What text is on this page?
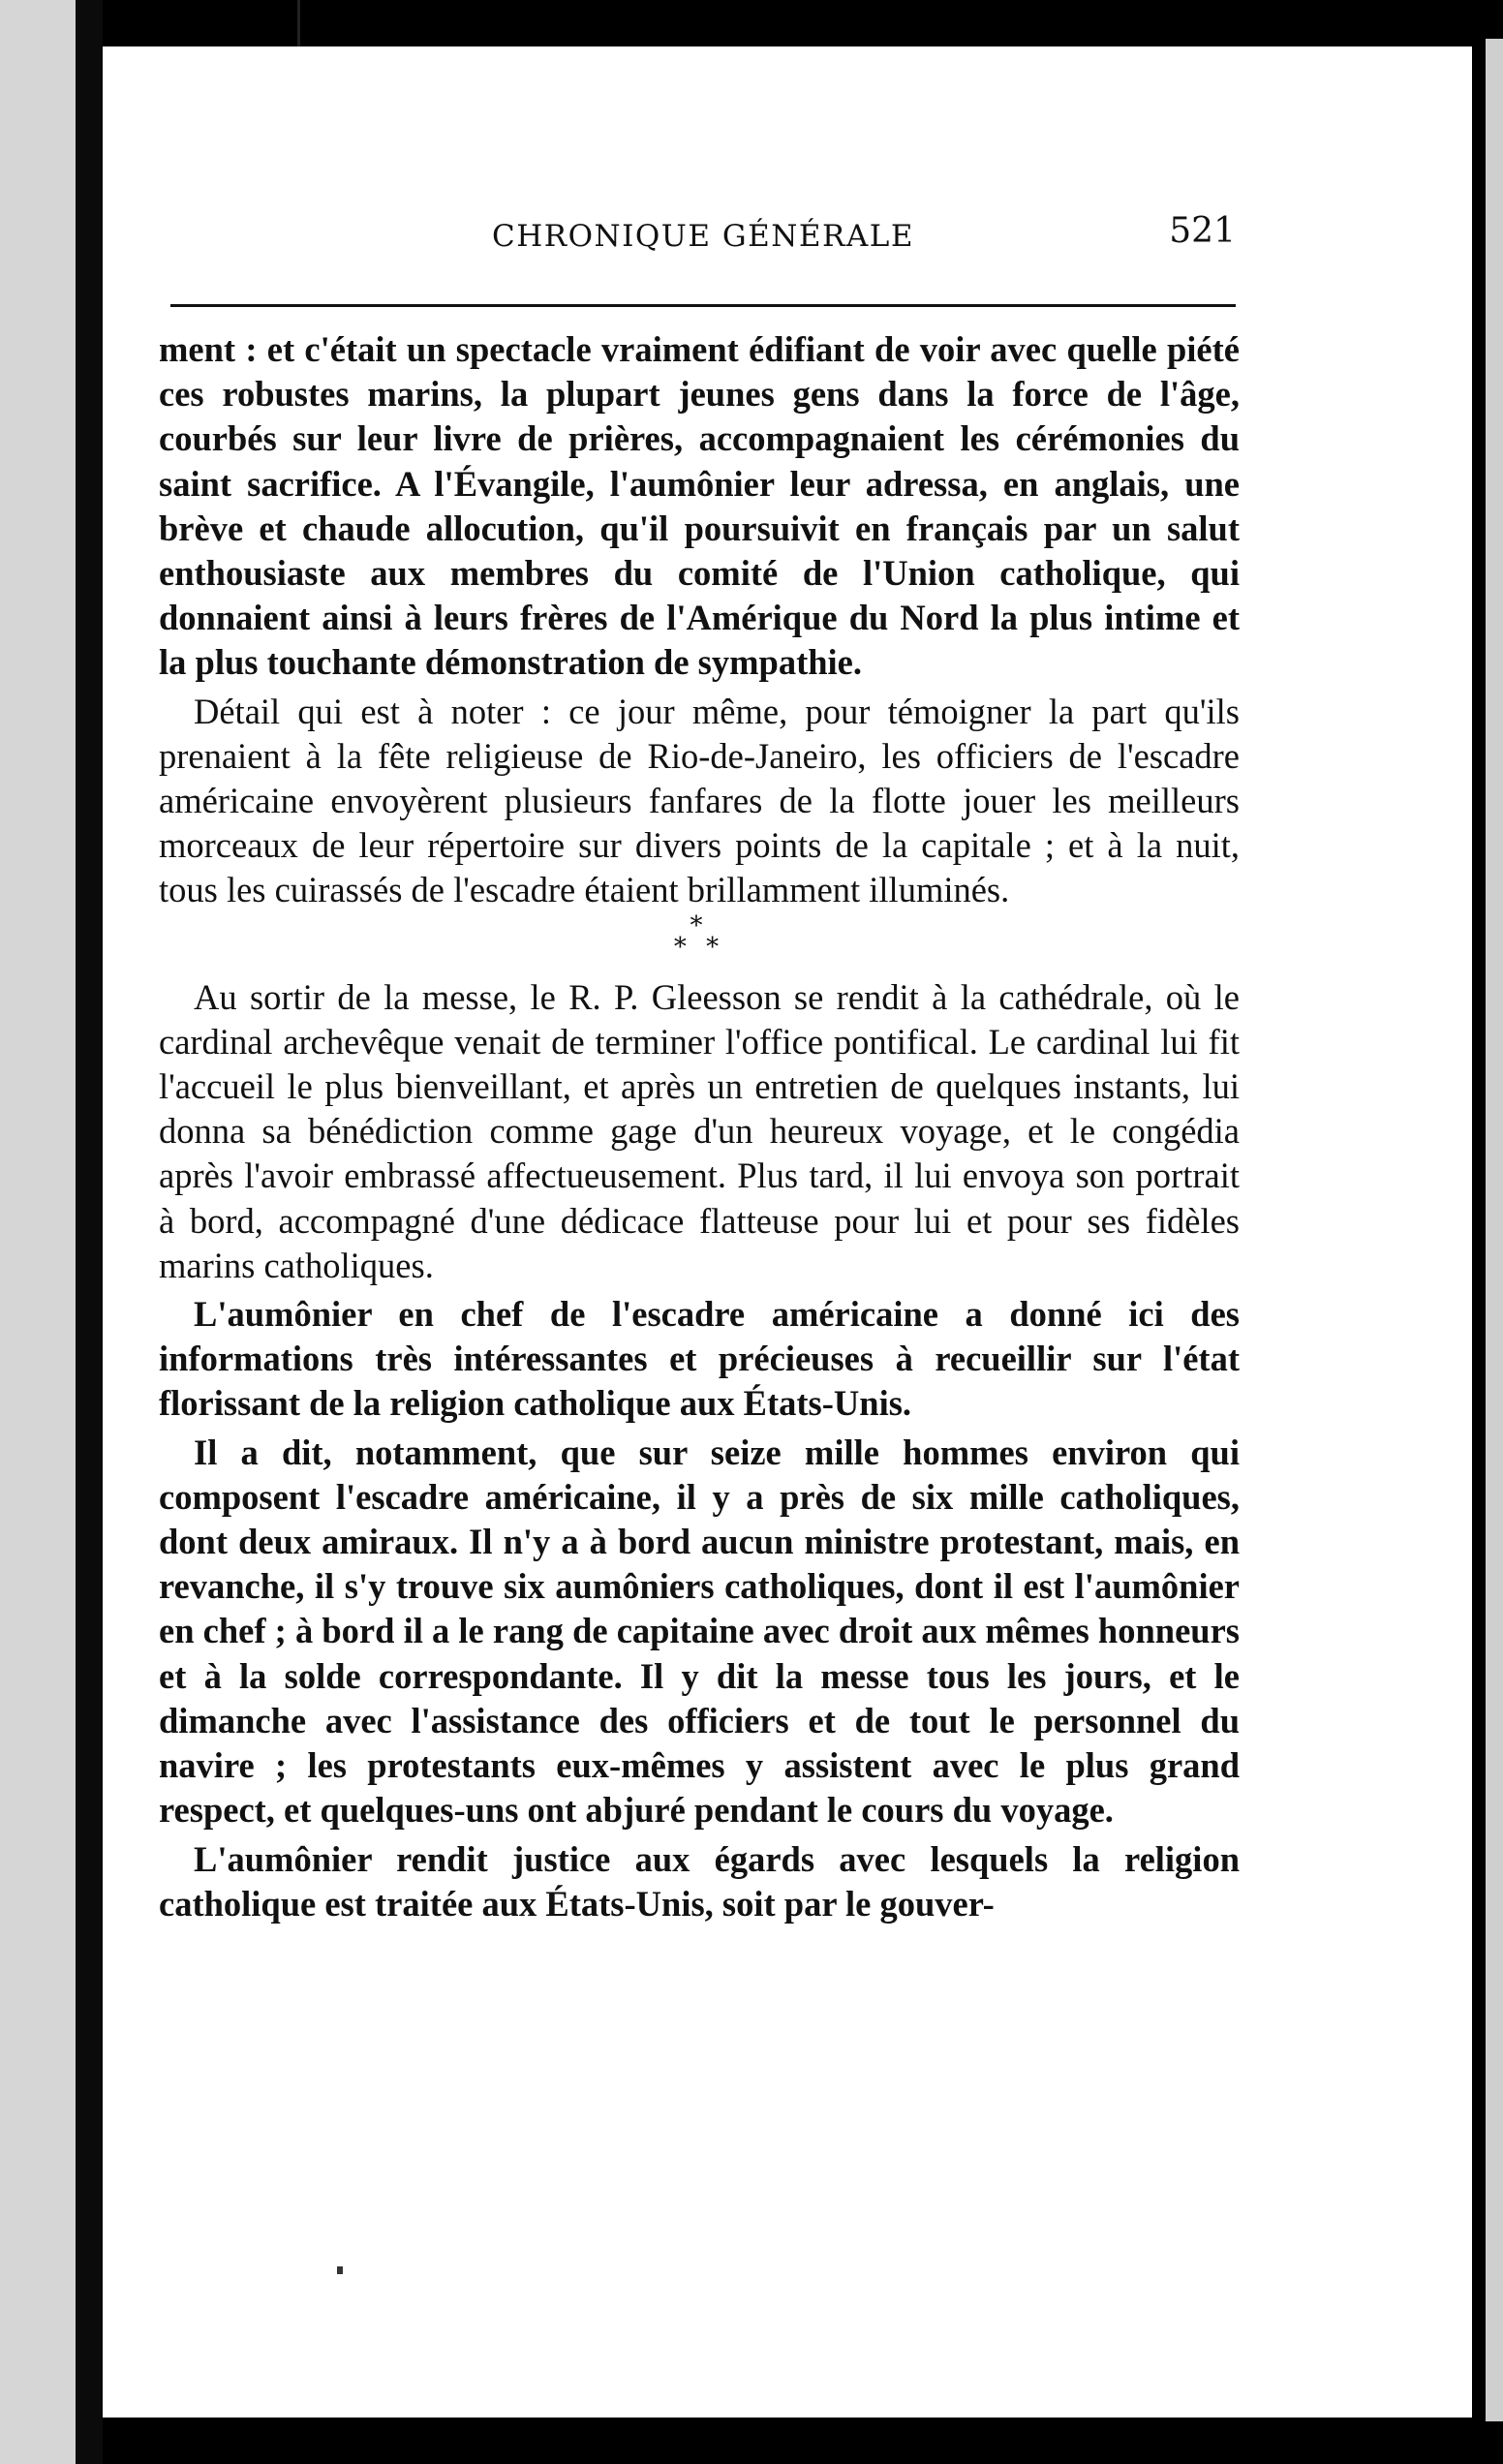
CHRONIQUE GÉNÉRALE	521

ment : et c'était un spectacle vraiment édifiant de voir avec quelle piété ces robustes marins, la plupart jeunes gens dans la force de l'âge, courbés sur leur livre de prières, accompagnaient les cérémonies du saint sacrifice. A l'Évangile, l'aumônier leur adressa, en anglais, une brève et chaude allocution, qu'il poursuivit en français par un salut enthousiaste aux membres du comité de l'Union catholique, qui donnaient ainsi à leurs frères de l'Amérique du Nord la plus intime et la plus touchante démonstration de sympathie.

Détail qui est à noter : ce jour même, pour témoigner la part qu'ils prenaient à la fête religieuse de Rio-de-Janeiro, les officiers de l'escadre américaine envoyèrent plusieurs fanfares de la flotte jouer les meilleurs morceaux de leur répertoire sur divers points de la capitale ; et à la nuit, tous les cuirassés de l'escadre étaient brillamment illuminés.

*
* *

Au sortir de la messe, le R. P. Gleesson se rendit à la cathédrale, où le cardinal archevêque venait de terminer l'office pontifical. Le cardinal lui fit l'accueil le plus bienveillant, et après un entretien de quelques instants, lui donna sa bénédiction comme gage d'un heureux voyage, et le congédia après l'avoir embrassé affectueusement. Plus tard, il lui envoya son portrait à bord, accompagné d'une dédicace flatteuse pour lui et pour ses fidèles marins catholiques.

L'aumônier en chef de l'escadre américaine a donné ici des informations très intéressantes et précieuses à recueillir sur l'état florissant de la religion catholique aux États-Unis.

Il a dit, notamment, que sur seize mille hommes environ qui composent l'escadre américaine, il y a près de six mille catholiques, dont deux amiraux. Il n'y a à bord aucun ministre protestant, mais, en revanche, il s'y trouve six aumôniers catholiques, dont il est l'aumônier en chef ; à bord il a le rang de capitaine avec droit aux mêmes honneurs et à la solde correspondante. Il y dit la messe tous les jours, et le dimanche avec l'assistance des officiers et de tout le personnel du navire ; les protestants eux-mêmes y assistent avec le plus grand respect, et quelques-uns ont abjuré pendant le cours du voyage.

L'aumônier rendit justice aux égards avec lesquels la religion catholique est traitée aux États-Unis, soit par le gouver-
